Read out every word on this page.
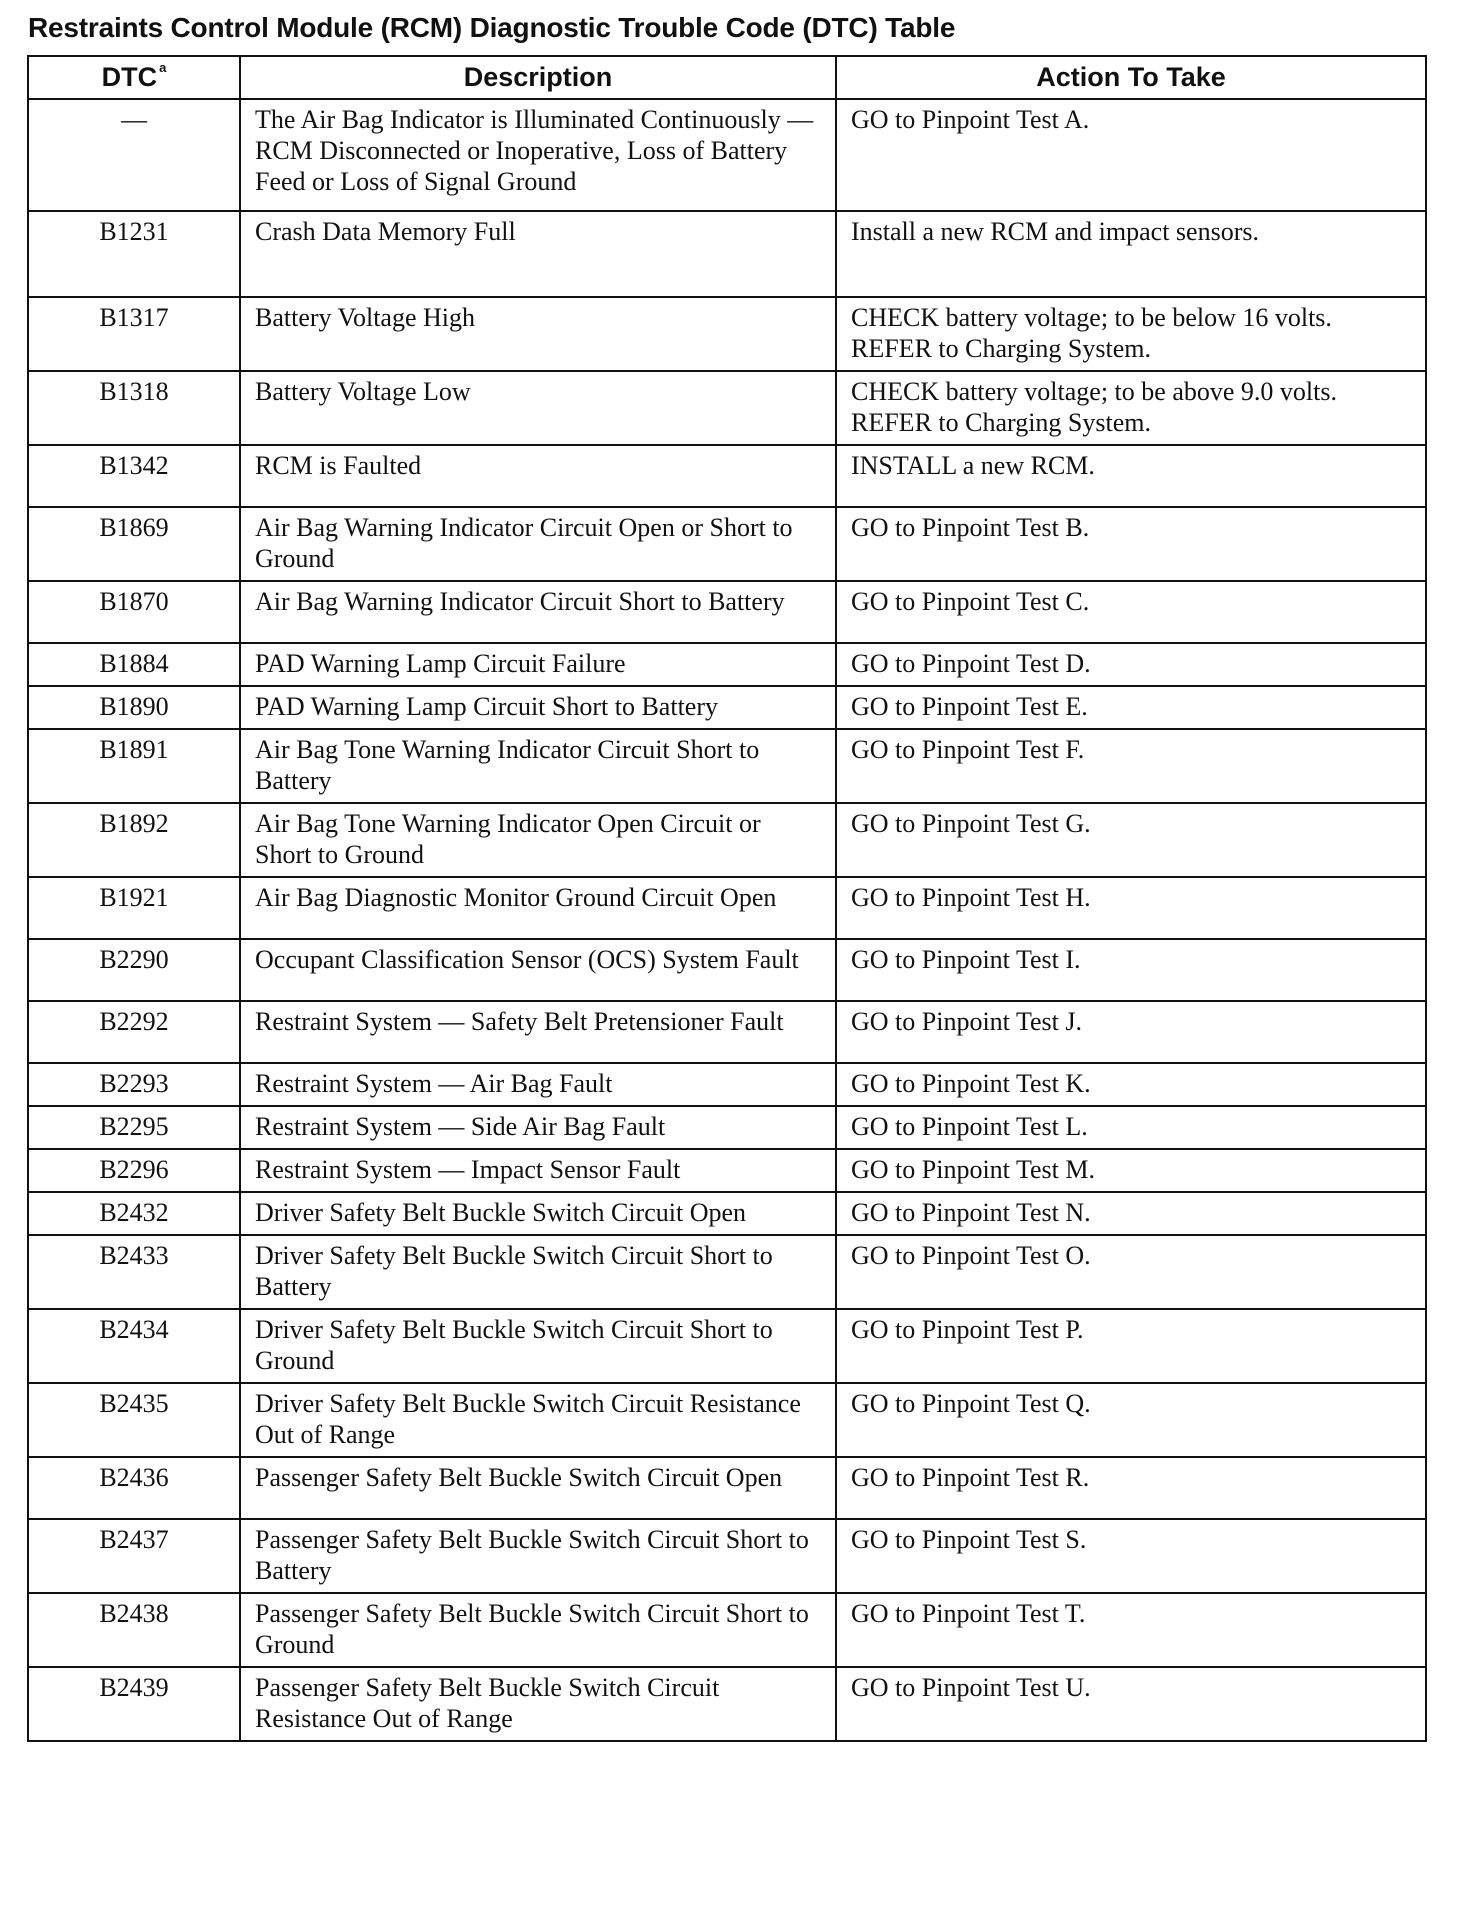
Restraints Control Module (RCM) Diagnostic Trouble Code (DTC) Table
DTC $^a$	Description	Action To Take
—	The Air Bag Indicator is Illuminated Continuously — RCM Disconnected or Inoperative, Loss of Battery Feed or Loss of Signal Ground	GO to Pinpoint Test A.
B1231	Crash Data Memory Full	Install a new RCM and impact sensors.
B1317	Battery Voltage High	CHECK battery voltage; to be below 16 volts. REFER to Charging System.
B1318	Battery Voltage Low	CHECK battery voltage; to be above 9.0 volts. REFER to Charging System.
B1342	RCM is Faulted	INSTALL a new RCM.
B1869	Air Bag Warning Indicator Circuit Open or Short to Ground	GO to Pinpoint Test B.
B1870	Air Bag Warning Indicator Circuit Short to Battery	GO to Pinpoint Test C.
B1884	PAD Warning Lamp Circuit Failure	GO to Pinpoint Test D.
B1890	PAD Warning Lamp Circuit Short to Battery	GO to Pinpoint Test E.
B1891	Air Bag Tone Warning Indicator Circuit Short to Battery	GO to Pinpoint Test F.
B1892	Air Bag Tone Warning Indicator Open Circuit or Short to Ground	GO to Pinpoint Test G.
B1921	Air Bag Diagnostic Monitor Ground Circuit Open	GO to Pinpoint Test H.
B2290	Occupant Classification Sensor (OCS) System Fault	GO to Pinpoint Test I.
B2292	Restraint System — Safety Belt Pretensioner Fault	GO to Pinpoint Test J.
B2293	Restraint System — Air Bag Fault	GO to Pinpoint Test K.
B2295	Restraint System — Side Air Bag Fault	GO to Pinpoint Test L.
B2296	Restraint System — Impact Sensor Fault	GO to Pinpoint Test M.
B2432	Driver Safety Belt Buckle Switch Circuit Open	GO to Pinpoint Test N.
B2433	Driver Safety Belt Buckle Switch Circuit Short to Battery	GO to Pinpoint Test O.
B2434	Driver Safety Belt Buckle Switch Circuit Short to Ground	GO to Pinpoint Test P.
B2435	Driver Safety Belt Buckle Switch Circuit Resistance Out of Range	GO to Pinpoint Test Q.
B2436	Passenger Safety Belt Buckle Switch Circuit Open	GO to Pinpoint Test R.
B2437	Passenger Safety Belt Buckle Switch Circuit Short to Battery	GO to Pinpoint Test S.
B2438	Passenger Safety Belt Buckle Switch Circuit Short to Ground	GO to Pinpoint Test T.
B2439	Passenger Safety Belt Buckle Switch Circuit Resistance Out of Range	GO to Pinpoint Test U.
